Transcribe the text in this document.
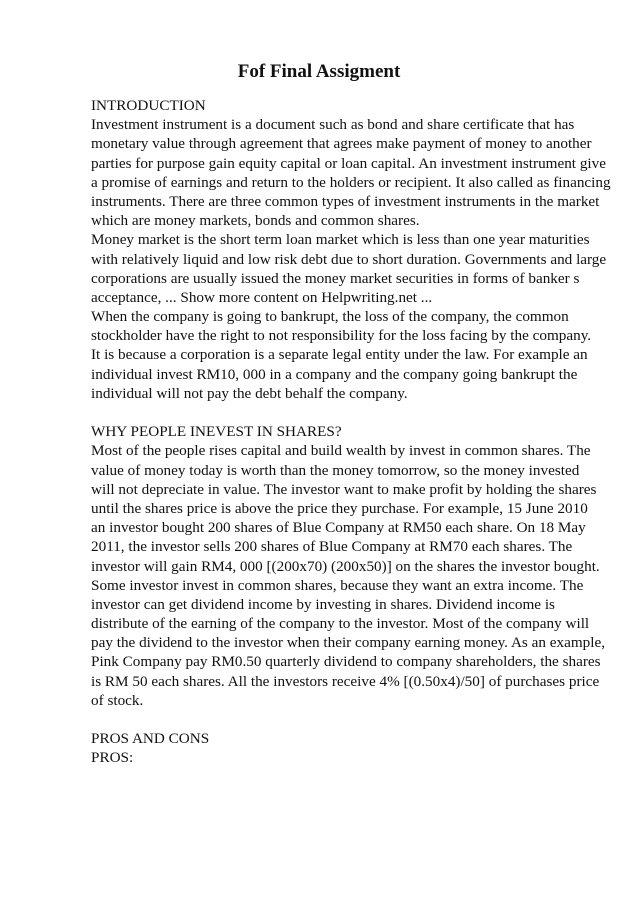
Fof Final Assigment
INTRODUCTION
Investment instrument is a document such as bond and share certificate that has
monetary value through agreement that agrees make payment of money to another
parties for purpose gain equity capital or loan capital. An investment instrument give
a promise of earnings and return to the holders or recipient. It also called as financing
instruments. There are three common types of investment instruments in the market
which are money markets, bonds and common shares.
Money market is the short term loan market which is less than one year maturities
with relatively liquid and low risk debt due to short duration. Governments and large
corporations are usually issued the money market securities in forms of banker s
acceptance, ... Show more content on Helpwriting.net ...
When the company is going to bankrupt, the loss of the company, the common
stockholder have the right to not responsibility for the loss facing by the company.
It is because a corporation is a separate legal entity under the law. For example an
individual invest RM10, 000 in a company and the company going bankrupt the
individual will not pay the debt behalf the company.
WHY PEOPLE INEVEST IN SHARES?
Most of the people rises capital and build wealth by invest in common shares. The
value of money today is worth than the money tomorrow, so the money invested
will not depreciate in value. The investor want to make profit by holding the shares
until the shares price is above the price they purchase. For example, 15 June 2010
an investor bought 200 shares of Blue Company at RM50 each share. On 18 May
2011, the investor sells 200 shares of Blue Company at RM70 each shares. The
investor will gain RM4, 000 [(200x70) (200x50)] on the shares the investor bought.
Some investor invest in common shares, because they want an extra income. The
investor can get dividend income by investing in shares. Dividend income is
distribute of the earning of the company to the investor. Most of the company will
pay the dividend to the investor when their company earning money. As an example,
Pink Company pay RM0.50 quarterly dividend to company shareholders, the shares
is RM 50 each shares. All the investors receive 4% [(0.50x4)/50] of purchases price
of stock.
PROS AND CONS
PROS:
